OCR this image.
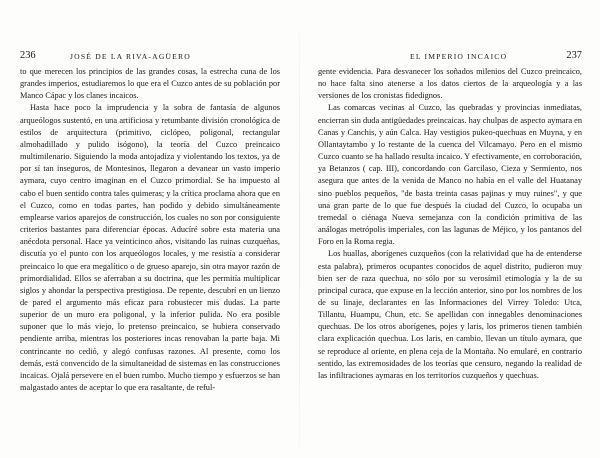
236	JOSÉ DE LA RIVA-AGÜERO

to que merecen los principios de las grandes cosas, la estrecha cuna de los grandes imperios, estudiaremos lo que era el Cuzco antes de su población por Manco Cápac y los clanes incaicos.

Hasta hace poco la imprudencia y la sobra de fantasía de algunos arqueólogos sustentó, en una artificiosa y retumbante división cronológica de estilos de arquitectura (primitivo, ciclópeo, poligonal, rectangular almohadillado y pulido isógono), la teoría del Cuzco preincaico multimilenario. Siguiendo la moda antojadiza y violentando los textos, ya de por sí tan inseguros, de Montesinos, llegaron a devanear un vasto imperio aymara, cuyo centro imaginan en el Cuzco primordial. Se ha impuesto al cabo el buen sentido contra tales quimeras; y la crítica proclama ahora que en el Cuzco, como en todas partes, han podido y debido simultáneamente emplearse varios aparejos de construcción, los cuales no son por consiguiente criterios bastantes para diferenciar épocas. Aducíré sobre esta materia una anécdota personal. Hace ya veinticinco años, visitando las ruinas cuzqueñas, discutía yo el punto con los arqueólogos locales, y me resistía a considerar preincaico lo que era megalítico o de grueso aparejo, sin otra mayor razón de primordialidad. Ellos se aferraban a su doctrina, que les permitía multiplicar siglos y ahondar la perspectiva prestigiosa. De repente, descubrí en un lienzo de pared el argumento más eficaz para robustecer mis dudas. La parte superior de un muro era poligonal, y la inferior pulida. No era posible suponer que lo más viejo, lo pretenso preincaico, se hubiera conservado pendiente arriba, mientras los posteriores incas renovaban la parte baja. Mi contrincante no cedió, y alegó confusas razones. Al presente, como los demás, está convencido de la simultaneidad de sistemas en las construcciones incaicas. Ojalá persevere en el buen rumbo. Mucho tiempo y esfuerzos se han malgastado antes de aceptar lo que era rasaltante, de reful-

EL IMPERIO INCAICO	237

gente evidencia. Para desvanecer los soñados milenios del Cuzco preincaico, no hace falta sino atenerse a los datos ciertos de la arqueología y a las versiones de los cronistas fidedignos.

Las comarcas vecinas al Cuzco, las quebradas y provincias inmediatas, encierran sin duda antigüedades preincaicas. hay chulpas de aspecto aymara en Canas y Canchis, y aún Calca. Hay vestigios pukeo-quechuas en Muyna, y en Ollantaytambo y lo restante de la cuenca del Vilcamayo. Pero en el mismo Cuzco cuanto se ha hallado resulta incaico. Y efectivamente, en corroboración, ya Betanzos ( cap. III), concordando con Garcilaso, Cieza y Sermiento, nos asegura que antes de la venida de Manco no había en el valle del Huatanay sino pueblos pequeños, "de basta treinta casas pajinas y muy ruines", y que una gran parte de lo que fue después la ciudad del Cuzco, lo ocupaba un tremedal o ciénaga Nueva semejanza con la condición primitiva de las análogas metrópolis imperiales, con las lagunas de Méjico, y los pantanos del Foro en la Roma regia.

Los huallas, aborígenes cuzqueños (con la relatividad que ha de entenderse esta palabra), primeros ocupantes conocidos de aquel distrito, pudieron muy bien ser de raza quechua, no sólo por su verosímil etimología y la de su principal curaca, que expuse en la lección anterior, sino por los nombres de los de su linaje, declarantes en las Informaciones del Virrey Toledo: Utca, Tillantu, Huampu, Chun, etc. Se apellidan con innegables denominaciones quechuas. De los otros aborígenes, pojes y laris, los primeros tienen también clara explicación quechua. Los laris, en cambio, llevan un título aymara, que se reproduce al oriente, en plena ceja de la Montaña. No emularé, en contrario sentido, las extremosidades de los teorías que censuro, negando la realidad de las infiltraciones aymaras en los territorios cuzqueños y quechuas.
